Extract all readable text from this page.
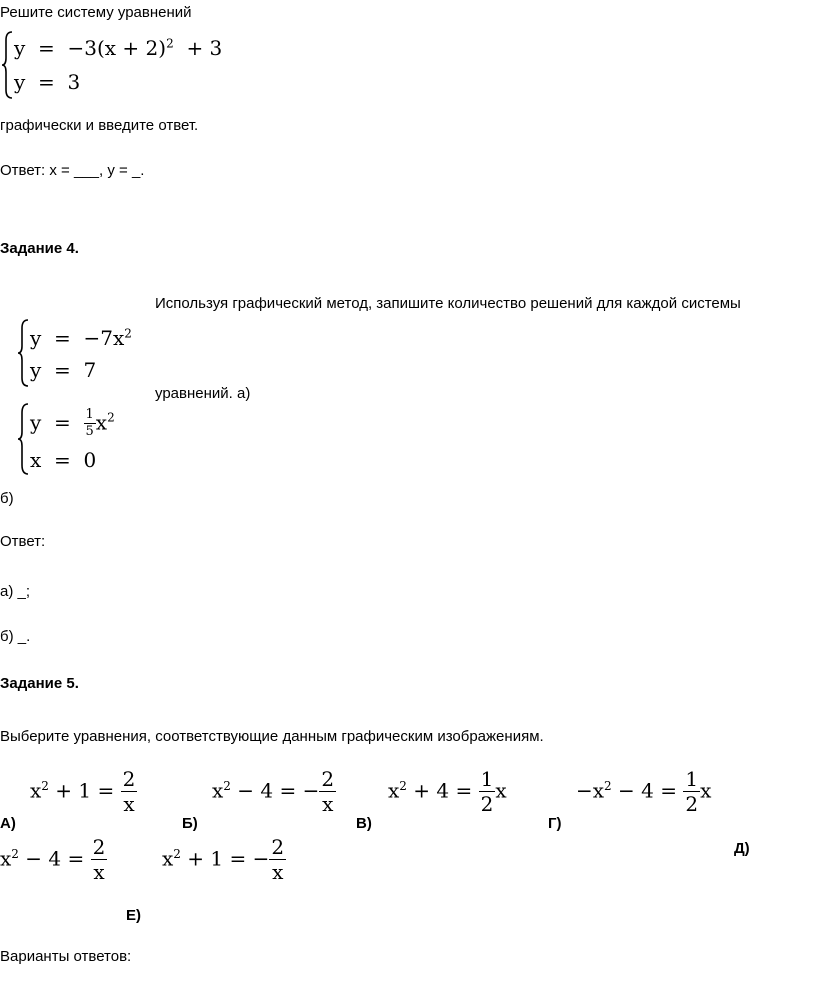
Решите систему уравнений
$y = -3(x + 2)^2 + 3$
y  =  3
графически и введите ответ.
Ответ: x = ___, y = _.
Задание 4.
Используя графический метод, запишите количество решений для каждой системы
$y = -7x^2$
y  =  7
уравнений. а)
$y = \frac{1}{5} x^2$
x  =  0
б)
Ответ:
а) _;
б) _.
Задание 5.
Выберите уравнения, соответствующие данным графическим изображениям.
$x^2 + 1 = \frac{2}{x}$
А)
$x^2 - 4$ = − $\frac{2}{x}$
Б)
$x^2 + 4 = \frac{1}{2}$ x
В)
$-x^2 - 4 = \frac{1}{2}$ x
Г)
$x^2 - 4 = \frac{2}{x}$	Д)
$x^2 + 1$ = − $\frac{2}{x}$
Е)
Варианты ответов:
